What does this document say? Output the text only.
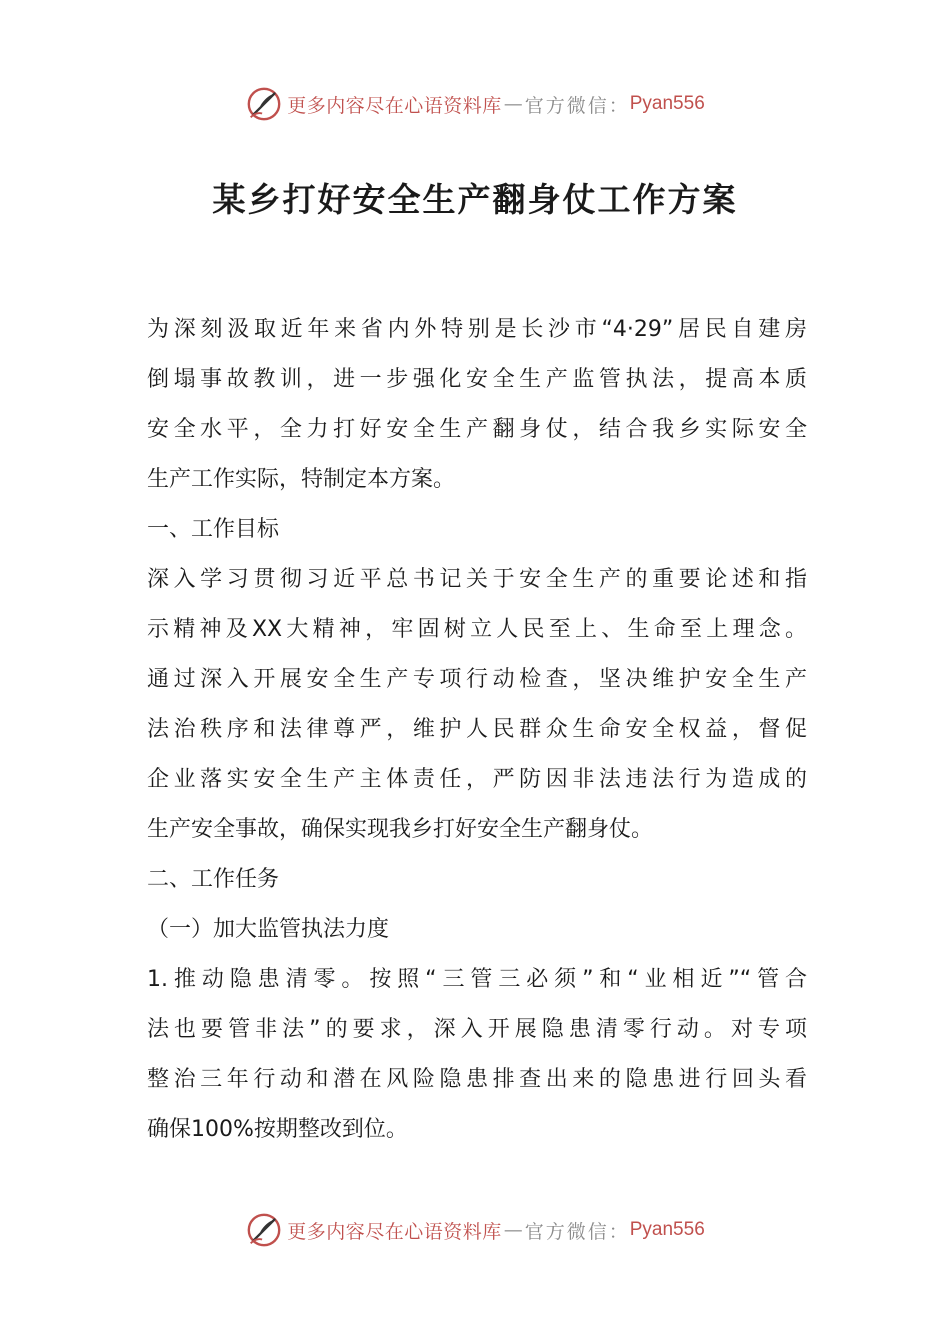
更多内容尽在心语资料库 — 官方微信： Pyan556
某乡打好安全生产翻身仗工作方案
为深刻汲取近年来省内外特别是长沙市“4·29”居民自建房
倒塌事故教训，进一步强化安全生产监管执法，提高本质
安全水平，全力打好安全生产翻身仗，结合我乡实际安全
生产工作实际，特制定本方案。
一、工作目标
深入学习贯彻习近平总书记关于安全生产的重要论述和指
示精神及XX大精神，牢固树立人民至上、生命至上理念。
通过深入开展安全生产专项行动检查，坚决维护安全生产
法治秩序和法律尊严，维护人民群众生命安全权益，督促
企业落实安全生产主体责任，严防因非法违法行为造成的
生产安全事故，确保实现我乡打好安全生产翻身仗。
二、工作任务
（一）加大监管执法力度
1.推动隐患清零。按照“三管三必须”和“业相近”“管合
法也要管非法”的要求，深入开展隐患清零行动。对专项
整治三年行动和潜在风险隐患排查出来的隐患进行回头看
确保100%按期整改到位。
更多内容尽在心语资料库 — 官方微信： Pyan556
